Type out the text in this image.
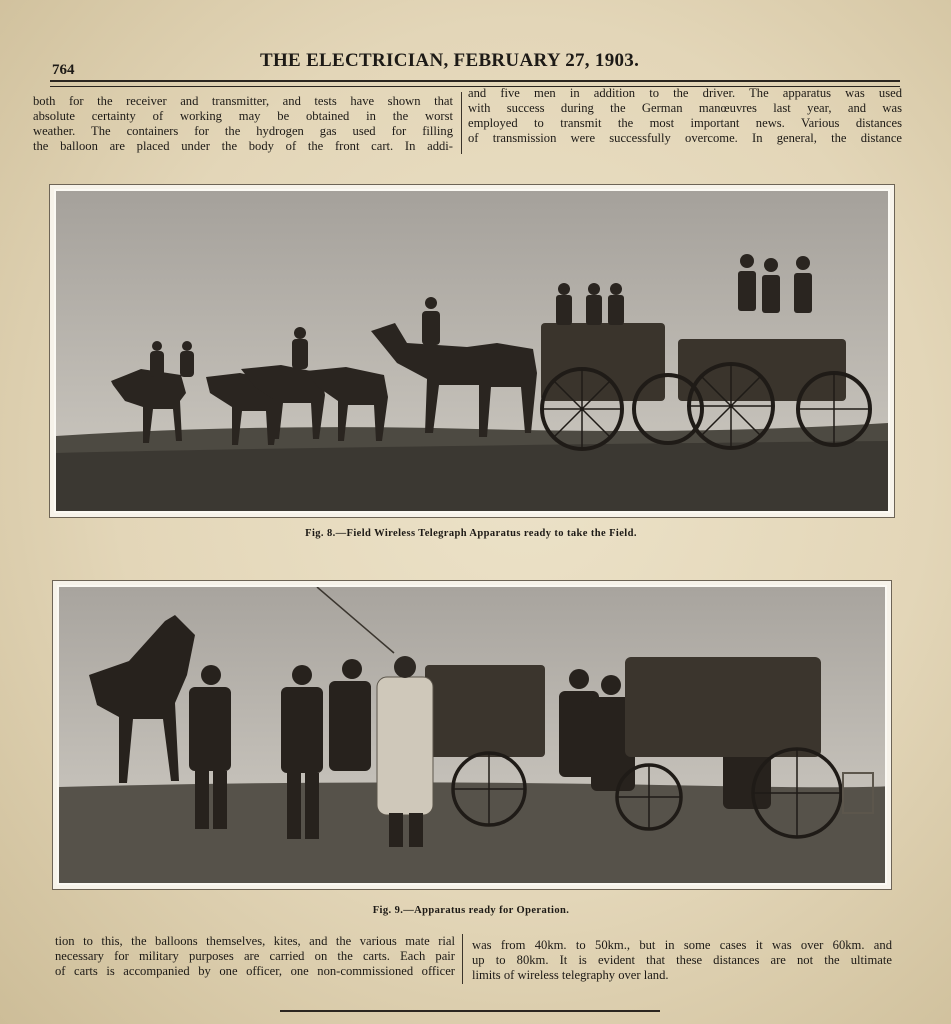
764	THE ELECTRICIAN, FEBRUARY 27, 1903.

both for the receiver and transmitter, and tests have shown that

absolute certainty of working may be obtained in the worst

weather. The containers for the hydrogen gas used for filling

the balloon are placed under the body of the front cart. In addi-

and five men in addition to the driver. The apparatus was used

with success during the German manœuvres last year, and was

employed to transmit the most important news. Various distances

of transmission were successfully overcome. In general, the distance

Fig. 8.—Field Wireless Telegraph Apparatus ready to take the Field.
Fig. 9.—Apparatus ready for Operation.

tion to this, the balloons themselves, kites, and the various mate rial

necessary for military purposes are carried on the carts. Each pair

of carts is accompanied by one officer, one non-commissioned officer

was from 40km. to 50km., but in some cases it was over 60km. and

up to 80km. It is evident that these distances are not the ultimate

limits of wireless telegraphy over land.
